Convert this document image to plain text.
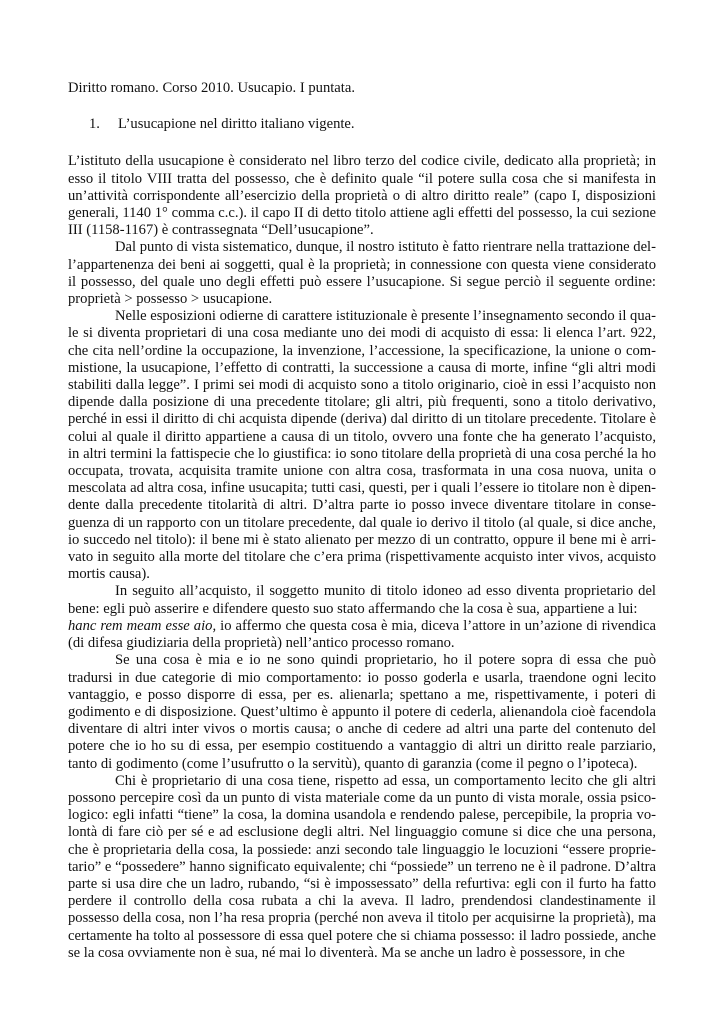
Diritto romano. Corso 2010. Usucapio. I puntata.

1. L’usucapione nel diritto italiano vigente.

L’istituto della usucapione è considerato nel libro terzo del codice civile, dedicato alla proprietà; in esso il titolo VIII tratta del possesso, che è definito quale “il potere sulla cosa che si manifesta in un’attività corrispondente all’esercizio della proprietà o di altro diritto reale” (capo I, disposizioni generali, 1140 1° comma c.c.). il capo II di detto titolo attiene agli effetti del possesso, la cui sezione III (1158-1167) è contrassegnata “Dell’usucapione”.

Dal punto di vista sistematico, dunque, il nostro istituto è fatto rientrare nella trattazione dell’appartenenza dei beni ai soggetti, qual è la proprietà; in connessione con questa viene considerato il possesso, del quale uno degli effetti può essere l’usucapione. Si segue perciò il seguente ordine: proprietà > possesso > usucapione.

Nelle esposizioni odierne di carattere istituzionale è presente l’insegnamento secondo il quale si diventa proprietari di una cosa mediante uno dei modi di acquisto di essa: li elenca l’art. 922, che cita nell’ordine la occupazione, la invenzione, l’accessione, la specificazione, la unione o commistione, la usucapione, l’effetto di contratti, la successione a causa di morte, infine “gli altri modi stabiliti dalla legge”. I primi sei modi di acquisto sono a titolo originario, cioè in essi l’acquisto non dipende dalla posizione di una precedente titolare; gli altri, più frequenti, sono a titolo derivativo, perché in essi il diritto di chi acquista dipende (deriva) dal diritto di un titolare precedente. Titolare è colui al quale il diritto appartiene a causa di un titolo, ovvero una fonte che ha generato l’acquisto, in altri termini la fattispecie che lo giustifica: io sono titolare della proprietà di una cosa perché la ho occupata, trovata, acquisita tramite unione con altra cosa, trasformata in una cosa nuova, unita o mescolata ad altra cosa, infine usucapita; tutti casi, questi, per i quali l’essere io titolare non è dipendente dalla precedente titolarità di altri. D’altra parte io posso invece diventare titolare in conseguenza di un rapporto con un titolare precedente, dal quale io derivo il titolo (al quale, si dice anche, io succedo nel titolo): il bene mi è stato alienato per mezzo di un contratto, oppure il bene mi è arrivato in seguito alla morte del titolare che c’era prima (rispettivamente acquisto inter vivos, acquisto mortis causa).

In seguito all’acquisto, il soggetto munito di titolo idoneo ad esso diventa proprietario del bene: egli può asserire e difendere questo suo stato affermando che la cosa è sua, appartiene a lui:
hanc rem meam esse aio, io affermo che questa cosa è mia, diceva l’attore in un’azione di rivendica (di difesa giudiziaria della proprietà) nell’antico processo romano.

Se una cosa è mia e io ne sono quindi proprietario, ho il potere sopra di essa che può tradursi in due categorie di mio comportamento: io posso goderla e usarla, traendone ogni lecito vantaggio, e posso disporre di essa, per es. alienarla; spettano a me, rispettivamente, i poteri di godimento e di disposizione. Quest’ultimo è appunto il potere di cederla, alienandola cioè facendola diventare di altri inter vivos o mortis causa; o anche di cedere ad altri una parte del contenuto del potere che io ho su di essa, per esempio costituendo a vantaggio di altri un diritto reale parziario, tanto di godimento (come l’usufrutto o la servitù), quanto di garanzia (come il pegno o l’ipoteca).

Chi è proprietario di una cosa tiene, rispetto ad essa, un comportamento lecito che gli altri possono percepire così da un punto di vista materiale come da un punto di vista morale, ossia psicologico: egli infatti “tiene” la cosa, la domina usandola e rendendo palese, percepibile, la propria volontà di fare ciò per sé e ad esclusione degli altri. Nel linguaggio comune si dice che una persona, che è proprietaria della cosa, la possiede: anzi secondo tale linguaggio le locuzioni “essere proprietario” e “possedere” hanno significato equivalente; chi “possiede” un terreno ne è il padrone. D’altra parte si usa dire che un ladro, rubando, “si è impossessato” della refurtiva: egli con il furto ha fatto perdere il controllo della cosa rubata a chi la aveva. Il ladro, prendendosi clandestinamente il possesso della cosa, non l’ha resa propria (perché non aveva il titolo per acquisirne la proprietà), ma certamente ha tolto al possessore di essa quel potere che si chiama possesso: il ladro possiede, anche se la cosa ovviamente non è sua, né mai lo diventerà. Ma se anche un ladro è possessore, in che
